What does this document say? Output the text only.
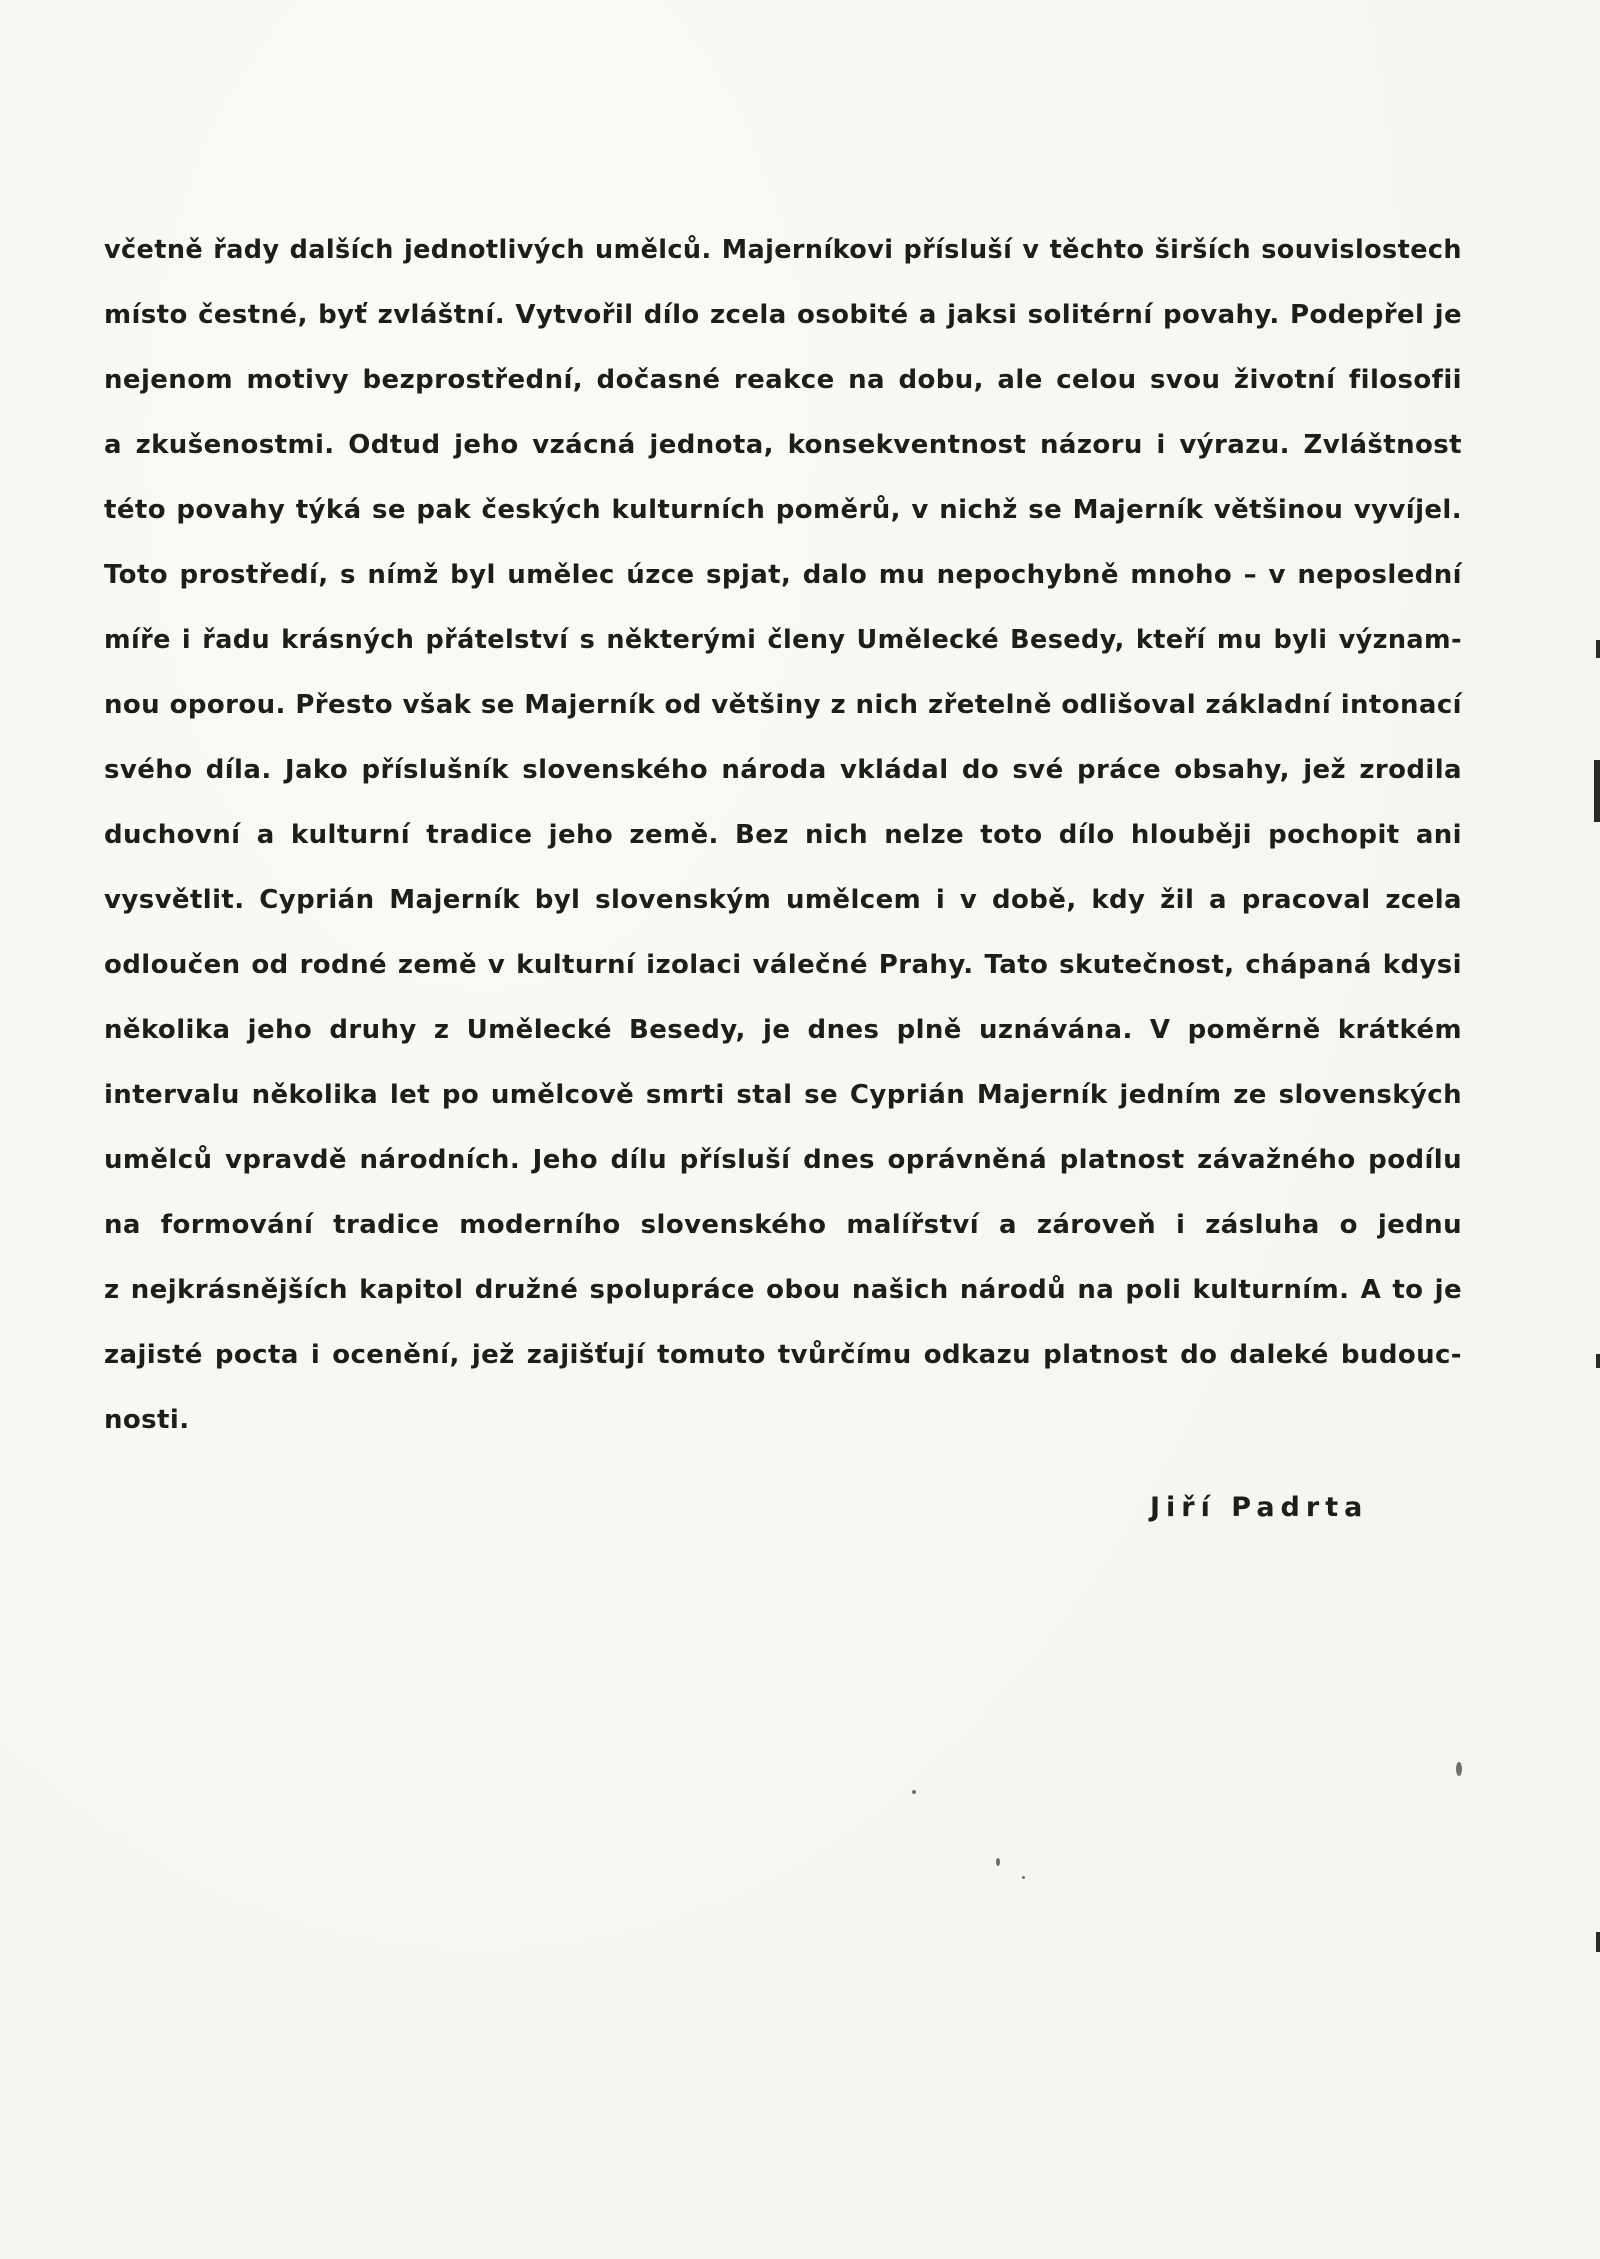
včetně řady dalších jednotlivých umělců. Majerníkovi přísluší v těchto širších souvislostech
místo čestné, byť zvláštní. Vytvořil dílo zcela osobité a jaksi solitérní povahy. Podepřel je
nejenom motivy bezprostřední, dočasné reakce na dobu, ale celou svou životní filosofii
a zkušenostmi. Odtud jeho vzácná jednota, konsekventnost názoru i výrazu. Zvláštnost
této povahy týká se pak českých kulturních poměrů, v nichž se Majerník většinou vyvíjel.
Toto prostředí, s nímž byl umělec úzce spjat, dalo mu nepochybně mnoho – v neposlední
míře i řadu krásných přátelství s některými členy Umělecké Besedy, kteří mu byli význam-
nou oporou. Přesto však se Majerník od většiny z nich zřetelně odlišoval základní intonací
svého díla. Jako příslušník slovenského národa vkládal do své práce obsahy, jež zrodila
duchovní a kulturní tradice jeho země. Bez nich nelze toto dílo hlouběji pochopit ani
vysvětlit. Cyprián Majerník byl slovenským umělcem i v době, kdy žil a pracoval zcela
odloučen od rodné země v kulturní izolaci válečné Prahy. Tato skutečnost, chápaná kdysi
několika jeho druhy z Umělecké Besedy, je dnes plně uznávána. V poměrně krátkém
intervalu několika let po umělcově smrti stal se Cyprián Majerník jedním ze slovenských
umělců vpravdě národních. Jeho dílu přísluší dnes oprávněná platnost závažného podílu
na formování tradice moderního slovenského malířství a zároveň i zásluha o jednu
z nejkrásnějších kapitol družné spolupráce obou našich národů na poli kulturním. A to je
zajisté pocta i ocenění, jež zajišťují tomuto tvůrčímu odkazu platnost do daleké budouc-
nosti.
Jiří Padrta
